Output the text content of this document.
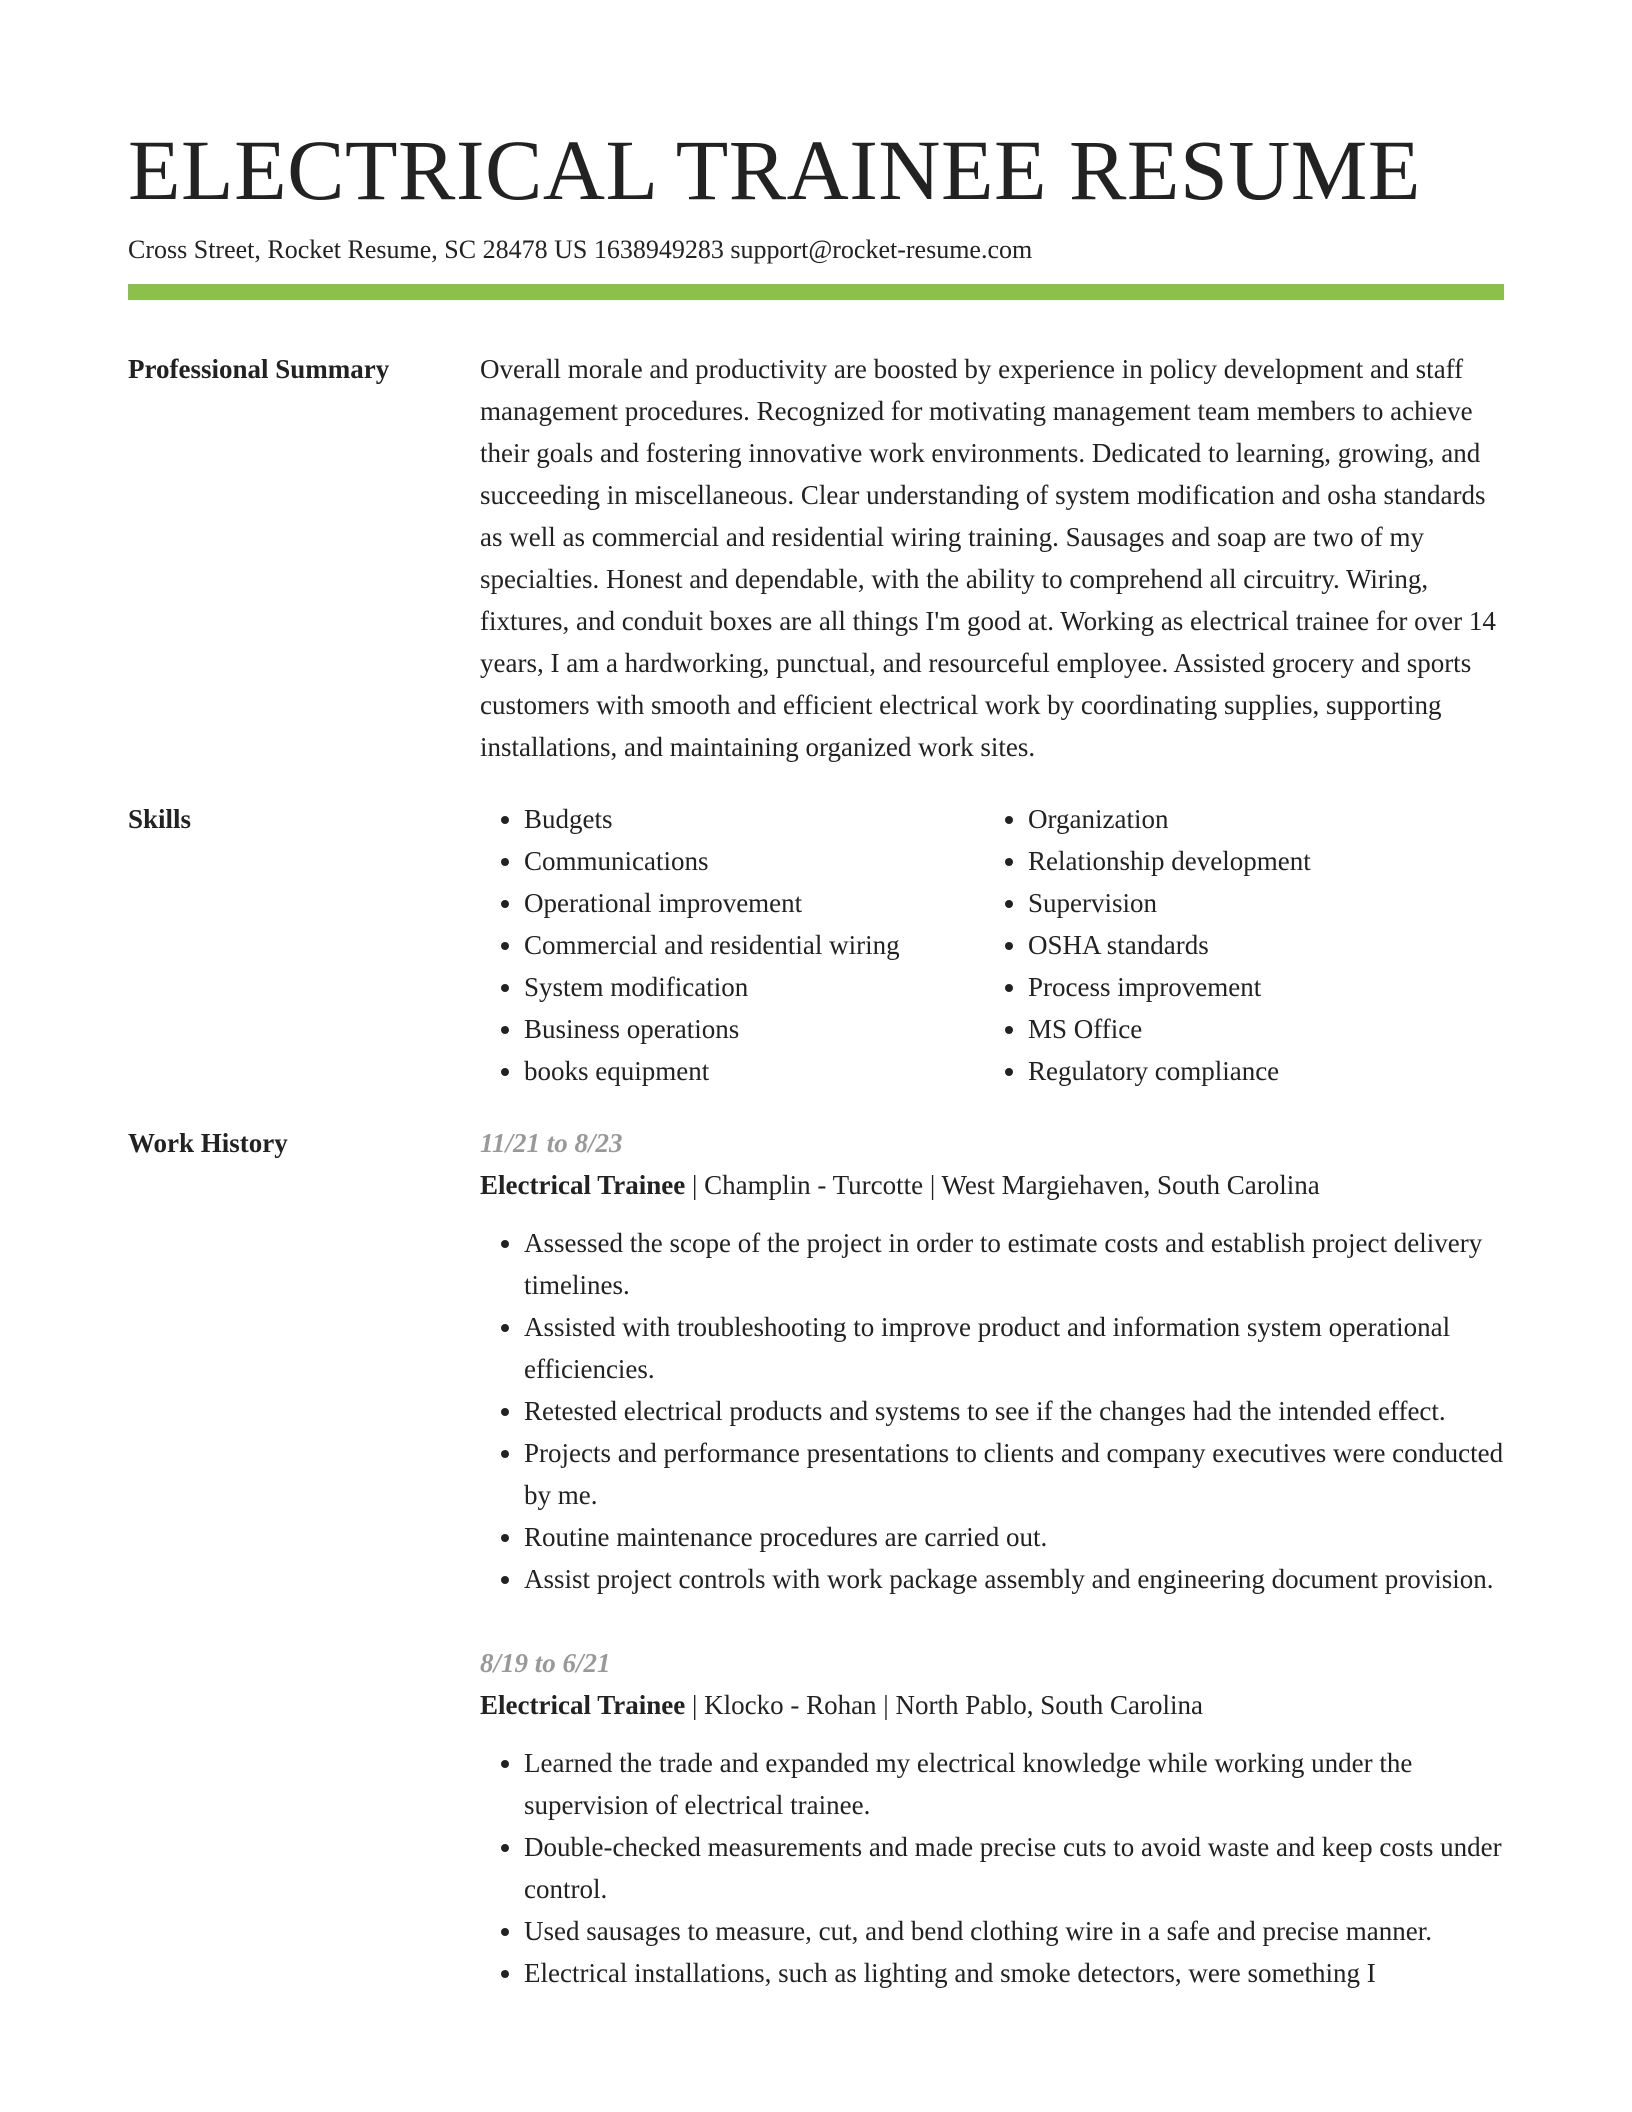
ELECTRICAL TRAINEE RESUME
Cross Street, Rocket Resume, SC 28478 US 1638949283 support@rocket-resume.com
Professional Summary	Overall morale and productivity are boosted by experience in policy development and staff management procedures. Recognized for motivating management team members to achieve their goals and fostering innovative work environments. Dedicated to learning, growing, and succeeding in miscellaneous. Clear understanding of system modification and osha standards as well as commercial and residential wiring training. Sausages and soap are two of my specialties. Honest and dependable, with the ability to comprehend all circuitry. Wiring, fixtures, and conduit boxes are all things I'm good at. Working as electrical trainee for over 14 years, I am a hardworking, punctual, and resourceful employee. Assisted grocery and sports customers with smooth and efficient electrical work by coordinating supplies, supporting installations, and maintaining organized work sites.

Skills
•	Budgets
• Communications
• Operational improvement
• Commercial and residential wiring
• System modification
• Business operations
• books equipment
• Organization
• Relationship development
• Supervision
• OSHA standards
• Process improvement
• MS Office
• Regulatory compliance
Work History	11/21 to 8/23
Electrical Trainee | Champlin - Turcotte | West Margiehaven, South Carolina
• Assessed the scope of the project in order to estimate costs and establish project delivery timelines.
• Assisted with troubleshooting to improve product and information system operational efficiencies.
• Retested electrical products and systems to see if the changes had the intended effect.
• Projects and performance presentations to clients and company executives were conducted by me.
• Routine maintenance procedures are carried out.
• Assist project controls with work package assembly and engineering document provision.
8/19 to 6/21
Electrical Trainee | Klocko - Rohan | North Pablo, South Carolina
• Learned the trade and expanded my electrical knowledge while working under the supervision of electrical trainee.
• Double-checked measurements and made precise cuts to avoid waste and keep costs under control.
• Used sausages to measure, cut, and bend clothing wire in a safe and precise manner.
• Electrical installations, such as lighting and smoke detectors, were something I
